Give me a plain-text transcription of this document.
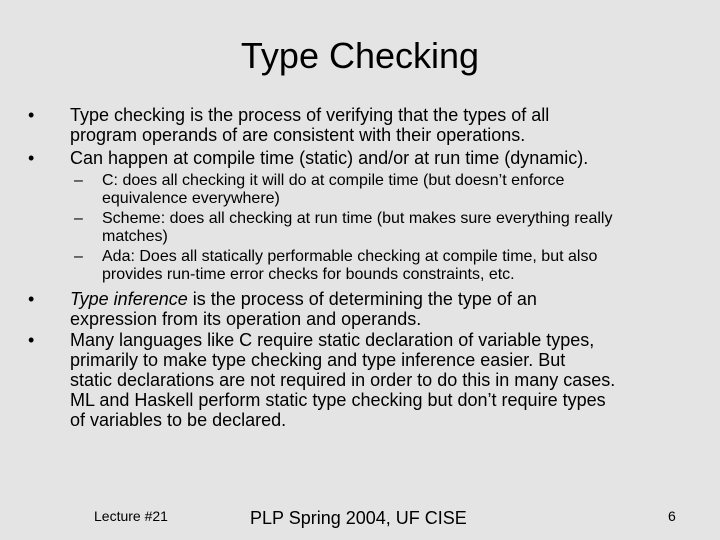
Type Checking
•	Type checking is the process of verifying that the types of all
program operands of are consistent with their operations.
•	Can happen at compile time (static) and/or at run time (dynamic).
– C: does all checking it will do at compile time (but doesn’t enforce
equivalence everywhere)
– Scheme: does all checking at run time (but makes sure everything really
matches)
– Ada: Does all statically performable checking at compile time, but also
provides run-time error checks for bounds constraints, etc.
•	Type inference is the process of determining the type of an
expression from its operation and operands.
•	Many languages like C require static declaration of variable types,
primarily to make type checking and type inference easier. But
static declarations are not required in order to do this in many cases.
ML and Haskell perform static type checking but don’t require types
of variables to be declared.
Lecture #21	PLP Spring 2004, UF CISE	6
